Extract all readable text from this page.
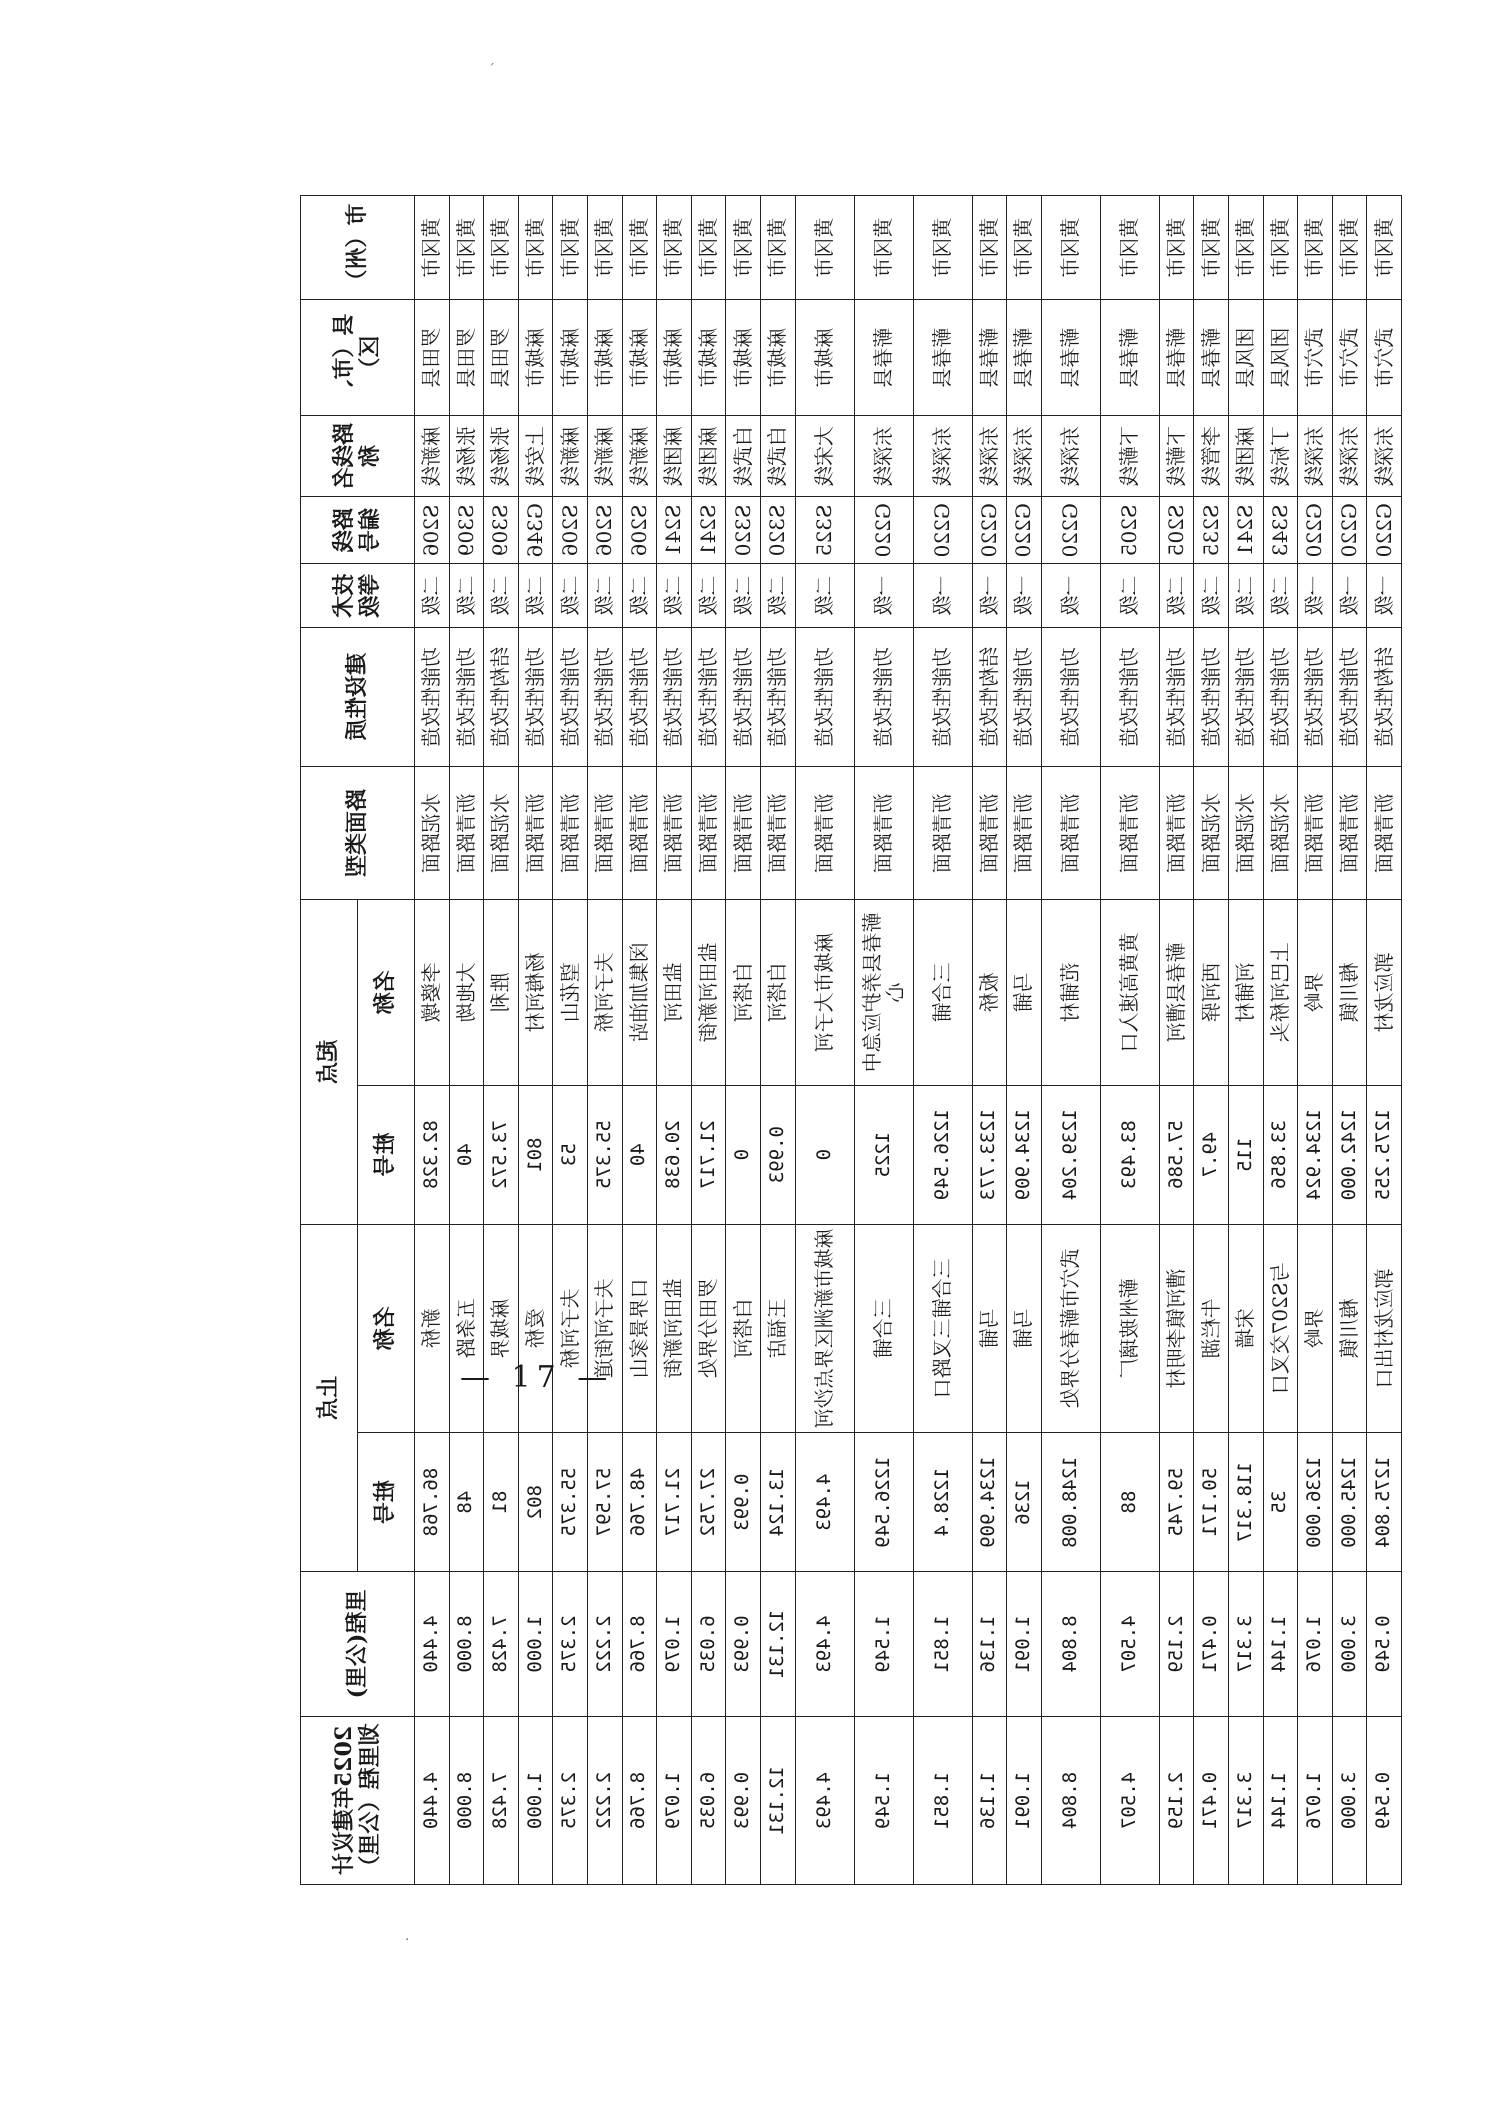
ˊ
·
市（州）	县（市、区）	路线名称	路线编号	技术等级	建设性质	路面类型	起点		止点		里程(公里)	2025年建议计划里程（公里）
							名称	桩号	名称	桩号		
黄冈市	罗田县	麻新线	S206	二级	功能性改造	水泥路面	李婆墩	82.328	新桥	86.768	4.440	4.440
黄冈市	罗田县	张杨线	S309	二级	功能性改造	沥青路面	大地坳	40	五条路	48	8.000	8.000
黄冈市	罗田县	张杨线	S309	二级	结构性改造	水泥路面	胜利	73.572	麻城界	81	7.428	7.428
黄冈市	麻城市	上安线	G346	二级	功能性改造	沥青路面	杨梅河村	801	爱桥	802	1.000	1.000
黄冈市	麻城市	麻新线	S206	二级	功能性改造	沥青路面	望花山	53	夫子河桥	55.375	2.375	2.375
黄冈市	麻城市	麻新线	S206	二级	功能性改造	沥青路面	夫子河桥	55.375	夫子河街道	57.597	2.222	2.222
黄冈市	麻城市	麻新线	S206	二级	功能性改造	沥青路面	闵集加油站	40	口界景家山	48.766	8.766	8.766
黄冈市	麻城市	麻团线	S241	二级	功能性改造	沥青路面	盐田河	20.638	盐田河新街	21.717	1.079	1.079
黄冈市	麻城市	麻团线	S241	二级	功能性改造	沥青路面	盐田河新街	21.717	罗田分界处	27.752	6.035	6.035
黄冈市	麻城市	白武线	S320	二级	功能性改造	沥青路面	白塔河	0	白塔河	0.993	0.993	0.993
黄冈市	麻城市	白武线	S320	二级	功能性改造	沥青路面	白塔河	0.993	王福店	13.124	12.131	12.131
黄冈市	麻城市	大宋线	S325	二级	功能性改造	沥青路面	麻城市大子河	0	麻城市新洲区界点沙河	4.493	4.493	4.493
黄冈市	蕲春县	东深线	G220	一级	功能性改造	沥青路面	蕲春县养护应急中心	1225	三合铺	1226.549	1.549	1.549
黄冈市	蕲春县	东深线	G220	一级	功能性改造	沥青路面	三合铺	1226.549	三合铺三叉路口	1228.4	1.851	1.851
黄冈市	蕲春县	东深线	G220	一级	结构性改造	沥青路面	板桥	1233.773	马铺	1234.909	1.136	1.136
黄冈市	蕲春县	东深线	G220	一级	功能性改造	沥青路面	马铺	1234.909	马铺	1236	1.091	1.091
黄冈市	蕲春县	东深线	G220	一级	功能性改造	沥青路面	范铺村	1239.204	武穴市蕲春分界处	1248.008	8.804	8.804
黄冈市	蕲春县	下蕲线	S205	二级	功能性改造	沥青路面	黄黄高速入口	83.493	蕲州玻璃厂	88	4.507	4.507
黄冈市	蕲春县	下蕲线	S205	二级	功能性改造	沥青路面	蕲春县漕河	57.586	漕河镇李明村	59.745	2.159	2.159
黄冈市	蕲春县	李管线	S235	二级	功能性改造	水泥路面	西河驿	49.7	牛栏湖	50.171	0.471	0.471
黄冈市	团风县	麻团线	S241	二级	功能性改造	水泥路面	河铺村	115	宋墙	118.317	3.317	3.317
黄冈市	团风县	丁标线	S343	二级	功能性改造	水泥路面	上巴河桥头	33.856	与S207交叉口	35	1.144	1.144
黄冈市	武穴市	东深线	G220	一级	功能性改造	沥青路面	界岭	1234.924	界岭	1236.000	1.076	1.076
黄冈市	武穴市	东深线	G220	一级	功能性改造	沥青路面	梅川镇	1242.000	梅川镇	1245.000	3.000	3.000
黄冈市	武穴市	东深线	G220	一级	结构性改造	沥青路面	郭应龙村	1275.255	郭应龙村出口	1275.804	0.549	0.549
— 17 —
